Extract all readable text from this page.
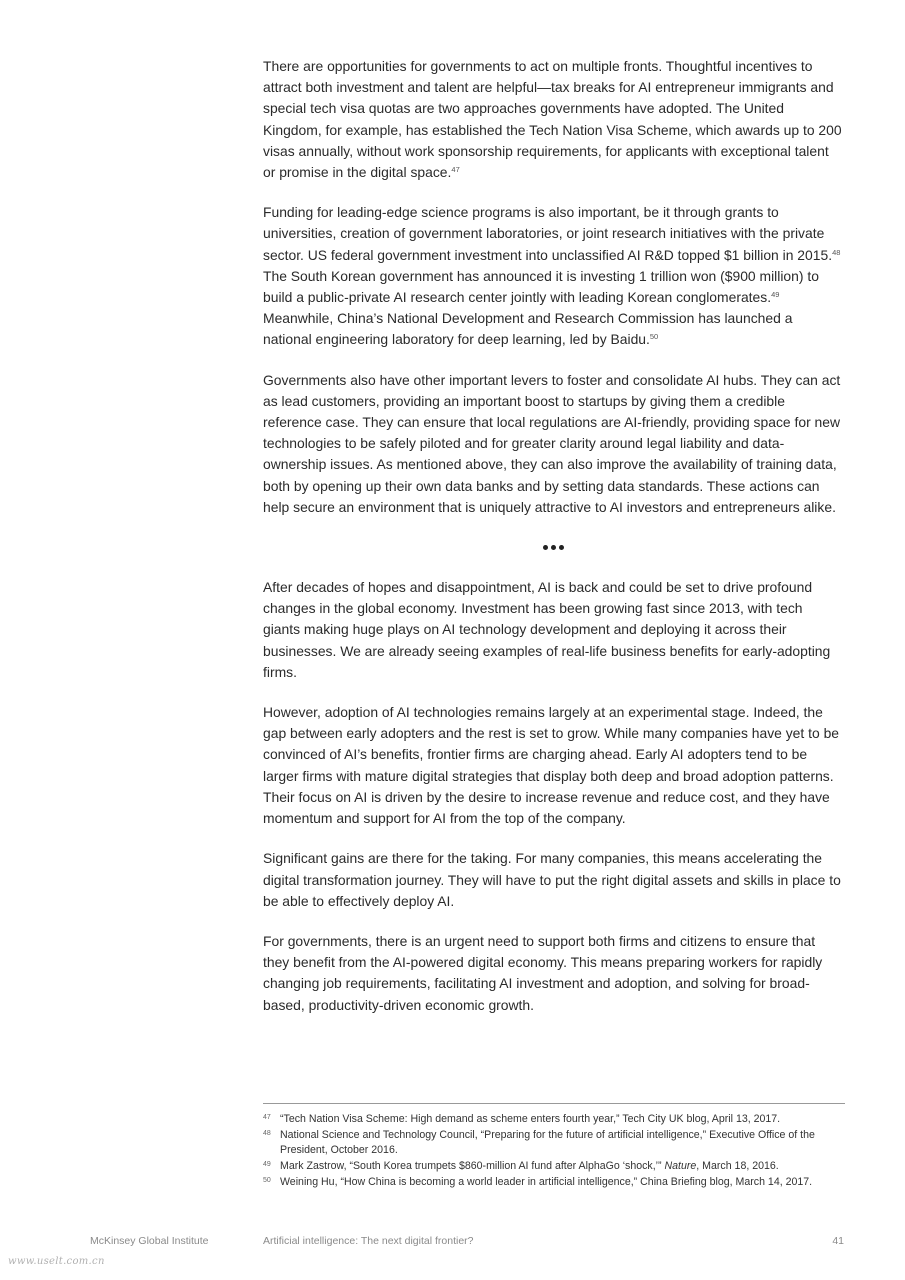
There are opportunities for governments to act on multiple fronts. Thoughtful incentives to attract both investment and talent are helpful—tax breaks for AI entrepreneur immigrants and special tech visa quotas are two approaches governments have adopted. The United Kingdom, for example, has established the Tech Nation Visa Scheme, which awards up to 200 visas annually, without work sponsorship requirements, for applicants with exceptional talent or promise in the digital space.$^{47}$

Funding for leading-edge science programs is also important, be it through grants to universities, creation of government laboratories, or joint research initiatives with the private sector. US federal government investment into unclassified AI R&D topped $1 billion in 2015.48 The South Korean government has announced it is investing 1 trillion won ($900 million) to build a public-private AI research center jointly with leading Korean conglomerates.$^{49}$ Meanwhile, China’s National Development and Research Commission has launched a national engineering laboratory for deep learning, led by Baidu.$^{50}$

Governments also have other important levers to foster and consolidate AI hubs. They can act as lead customers, providing an important boost to startups by giving them a credible reference case. They can ensure that local regulations are AI-friendly, providing space for new technologies to be safely piloted and for greater clarity around legal liability and data-ownership issues. As mentioned above, they can also improve the availability of training data, both by opening up their own data banks and by setting data standards. These actions can help secure an environment that is uniquely attractive to AI investors and entrepreneurs alike.

After decades of hopes and disappointment, AI is back and could be set to drive profound changes in the global economy. Investment has been growing fast since 2013, with tech giants making huge plays on AI technology development and deploying it across their businesses. We are already seeing examples of real-life business benefits for early-adopting firms.

However, adoption of AI technologies remains largely at an experimental stage. Indeed, the gap between early adopters and the rest is set to grow. While many companies have yet to be convinced of AI’s benefits, frontier firms are charging ahead. Early AI adopters tend to be larger firms with mature digital strategies that display both deep and broad adoption patterns. Their focus on AI is driven by the desire to increase revenue and reduce cost, and they have momentum and support for AI from the top of the company.

Significant gains are there for the taking. For many companies, this means accelerating the digital transformation journey. They will have to put the right digital assets and skills in place to be able to effectively deploy AI.

For governments, there is an urgent need to support both firms and citizens to ensure that they benefit from the AI-powered digital economy. This means preparing workers for rapidly changing job requirements, facilitating AI investment and adoption, and solving for broad-based, productivity-driven economic growth.

47 “Tech Nation Visa Scheme: High demand as scheme enters fourth year,” Tech City UK blog, April 13, 2017.
48 National Science and Technology Council, “Preparing for the future of artificial intelligence,” Executive Office of the President, October 2016.
49 Mark Zastrow, “South Korea trumpets $860-million AI fund after AlphaGo ‘shock,’” Nature, March 18, 2016.
50 Weining Hu, “How China is becoming a world leader in artificial intelligence,” China Briefing blog, March 14, 2017.
McKinsey Global Institute	Artificial intelligence: The next digital frontier?	41
www.uselt.com.cn
